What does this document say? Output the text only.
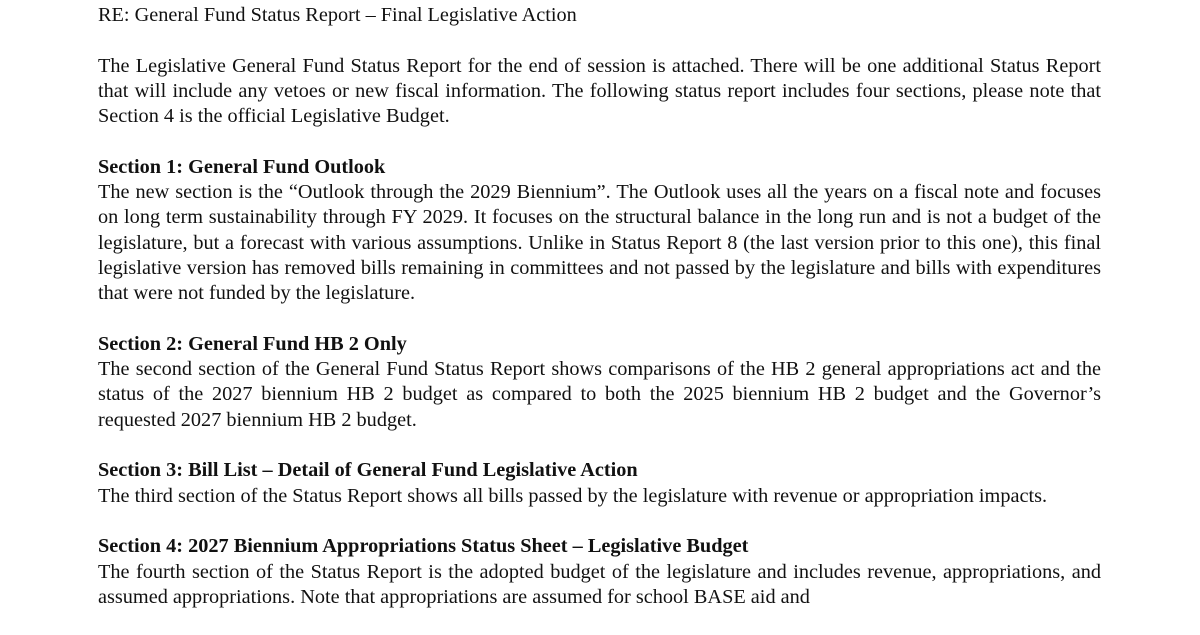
RE: General Fund Status Report – Final Legislative Action

The Legislative General Fund Status Report for the end of session is attached. There will be one additional Status Report that will include any vetoes or new fiscal information. The following status report includes four sections, please note that Section 4 is the official Legislative Budget.

Section 1: General Fund Outlook

The new section is the “Outlook through the 2029 Biennium”. The Outlook uses all the years on a fiscal note and focuses on long term sustainability through FY 2029. It focuses on the structural balance in the long run and is not a budget of the legislature, but a forecast with various assumptions. Unlike in Status Report 8 (the last version prior to this one), this final legislative version has removed bills remaining in committees and not passed by the legislature and bills with expenditures that were not funded by the legislature.

Section 2: General Fund HB 2 Only

The second section of the General Fund Status Report shows comparisons of the HB 2 general appropriations act and the status of the 2027 biennium HB 2 budget as compared to both the 2025 biennium HB 2 budget and the Governor’s requested 2027 biennium HB 2 budget.

Section 3: Bill List – Detail of General Fund Legislative Action

The third section of the Status Report shows all bills passed by the legislature with revenue or appropriation impacts.

Section 4: 2027 Biennium Appropriations Status Sheet – Legislative Budget

The fourth section of the Status Report is the adopted budget of the legislature and includes revenue, appropriations, and assumed appropriations. Note that appropriations are assumed for school BASE aid and
